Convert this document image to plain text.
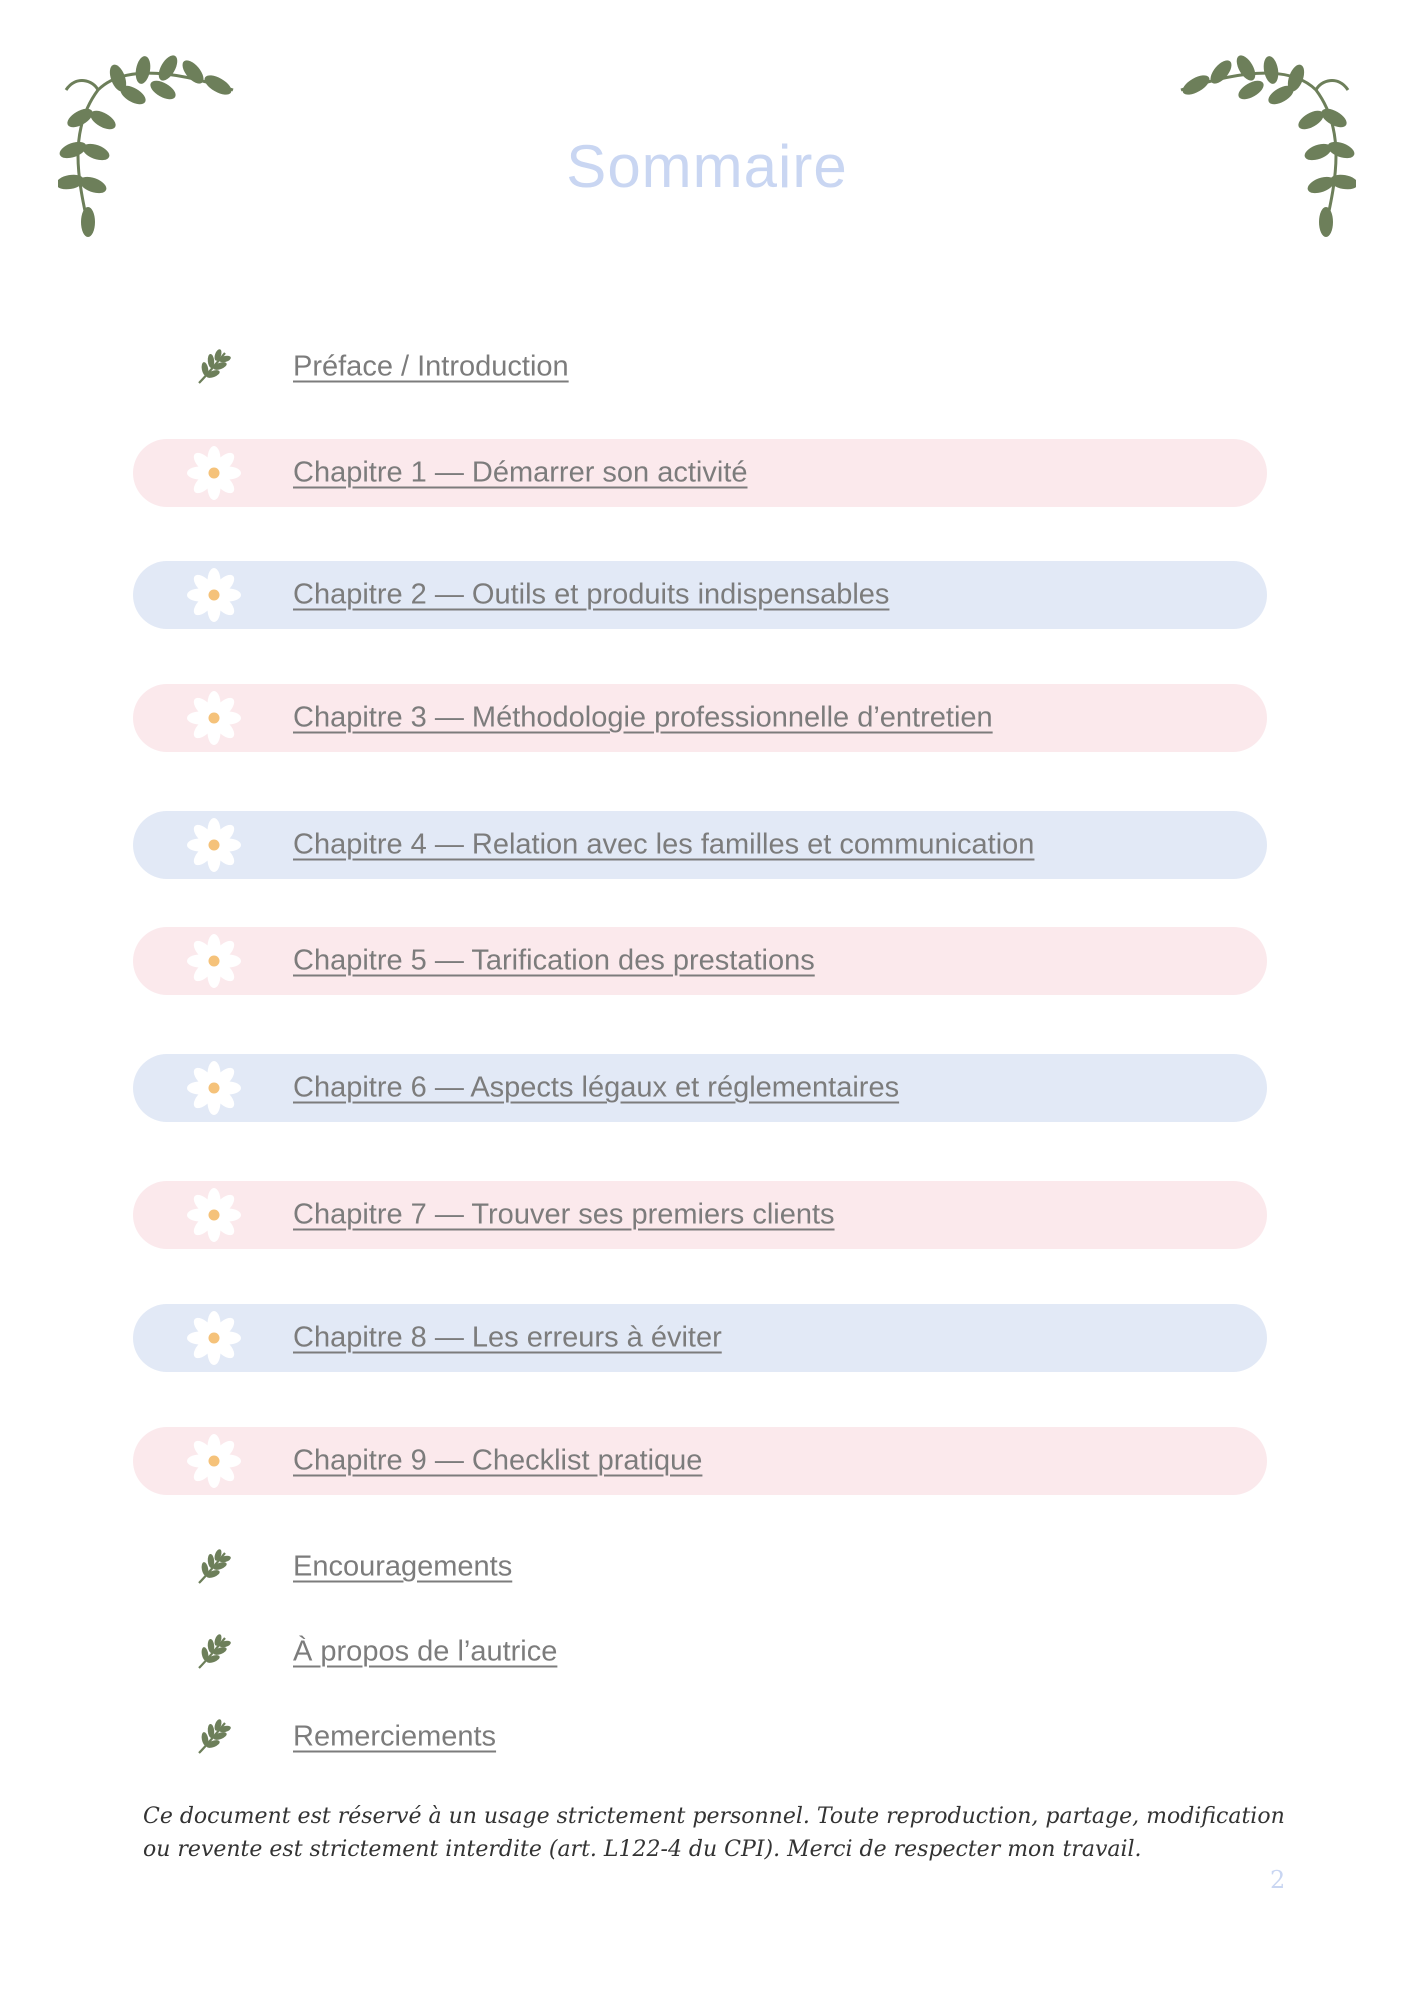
Sommaire
Préface / Introduction
Chapitre 1 — Démarrer son activité
Chapitre 2 — Outils et produits indispensables
Chapitre 3 — Méthodologie professionnelle d’entretien
Chapitre 4 — Relation avec les familles et communication
Chapitre 5 — Tarification des prestations
Chapitre 6 — Aspects légaux et réglementaires
Chapitre 7 — Trouver ses premiers clients
Chapitre 8 — Les erreurs à éviter
Chapitre 9 — Checklist pratique
Encouragements
À propos de l’autrice
Remerciements

Ce document est réservé à un usage strictement personnel. Toute reproduction, partage, modification ou revente est strictement interdite (art. L122-4 du CPI). Merci de respecter mon travail.

2
